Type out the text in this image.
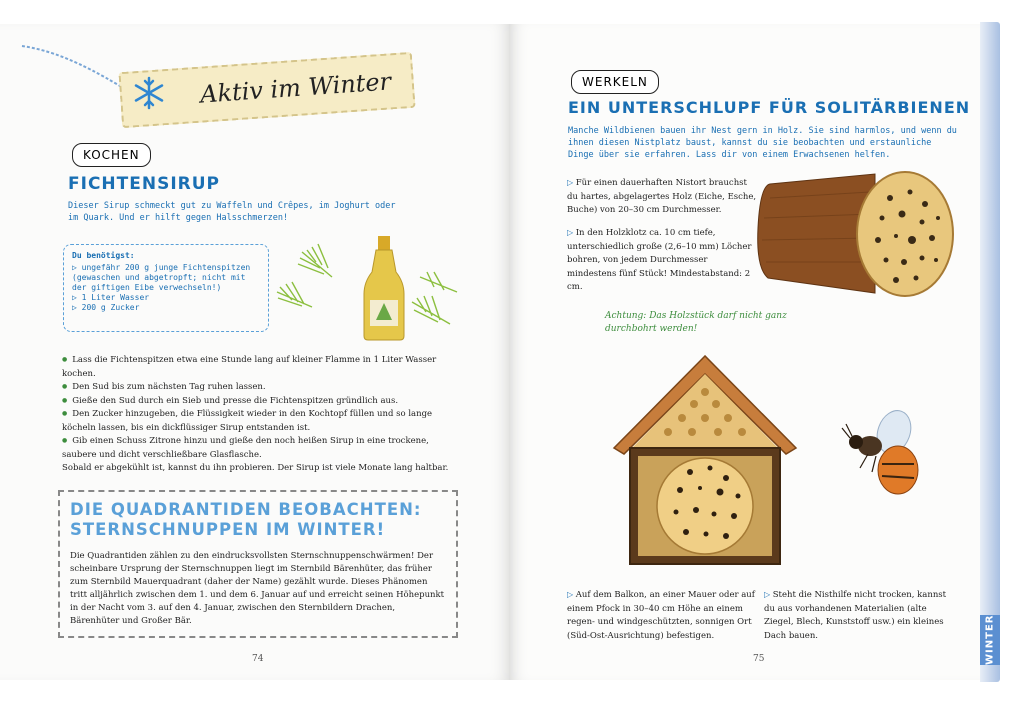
WINTER
Aktiv im Winter
KOCHEN
FICHTENSIRUP
Dieser Sirup schmeckt gut zu Waffeln und Crêpes, im Joghurt oder im Quark. Und er hilft gegen Halsschmerzen!
Du benötigst:
▷ ungefähr 200 g junge Fichtenspitzen (gewaschen und abgetropft; nicht mit der giftigen Eibe verwechseln!)
▷ 1 Liter Wasser
▷ 200 g Zucker
● Lass die Fichtenspitzen etwa eine Stunde lang auf kleiner Flamme in 1 Liter Wasser kochen.
● Den Sud bis zum nächsten Tag ruhen lassen.
● Gieße den Sud durch ein Sieb und presse die Fichtenspitzen gründlich aus.
● Den Zucker hinzugeben, die Flüssigkeit wieder in den Kochtopf füllen und so lange köcheln lassen, bis ein dickflüssiger Sirup entstanden ist.
● Gib einen Schuss Zitrone hinzu und gieße den noch heißen Sirup in eine trockene, saubere und dicht verschließbare Glasflasche.
Sobald er abgekühlt ist, kannst du ihn probieren. Der Sirup ist viele Monate lang haltbar.
DIE QUADRANTIDEN BEOBACHTEN:
STERNSCHNUPPEN IM WINTER!
Die Quadrantiden zählen zu den eindrucksvollsten Sternschnuppenschwärmen! Der scheinbare Ursprung der Sternschnuppen liegt im Sternbild Bärenhüter, das früher zum Sternbild Mauerquadrant (daher der Name) gezählt wurde. Dieses Phänomen tritt alljährlich zwischen dem 1. und dem 6. Januar auf und erreicht seinen Höhepunkt in der Nacht vom 3. auf den 4. Januar, zwischen den Sternbildern Drachen, Bärenhüter und Großer Bär.
74
WERKELN
EIN UNTERSCHLUPF FÜR SOLITÄRBIENEN
Manche Wildbienen bauen ihr Nest gern in Holz. Sie sind harmlos, und wenn du ihnen diesen Nistplatz baust, kannst du sie beobachten und erstaunliche Dinge über sie erfahren. Lass dir von einem Erwachsenen helfen.
▷ Für einen dauerhaften Nistort brauchst du hartes, abgelagertes Holz (Eiche, Esche, Buche) von 20–30 cm Durchmesser.
▷ In den Holzklotz ca. 10 cm tiefe, unterschiedlich große (2,6–10 mm) Löcher bohren, von jedem Durchmesser mindestens fünf Stück! Mindestabstand: 2 cm.
Achtung: Das Holzstück darf nicht ganz durchbohrt werden!
▷ Auf dem Balkon, an einer Mauer oder auf einem Pfock in 30–40 cm Höhe an einem regen- und windgeschützten, sonnigen Ort (Süd-Ost-Ausrichtung) befestigen.
▷ Steht die Nisthilfe nicht trocken, kannst du aus vorhandenen Materialien (alte Ziegel, Blech, Kunststoff usw.) ein kleines Dach bauen.
75
